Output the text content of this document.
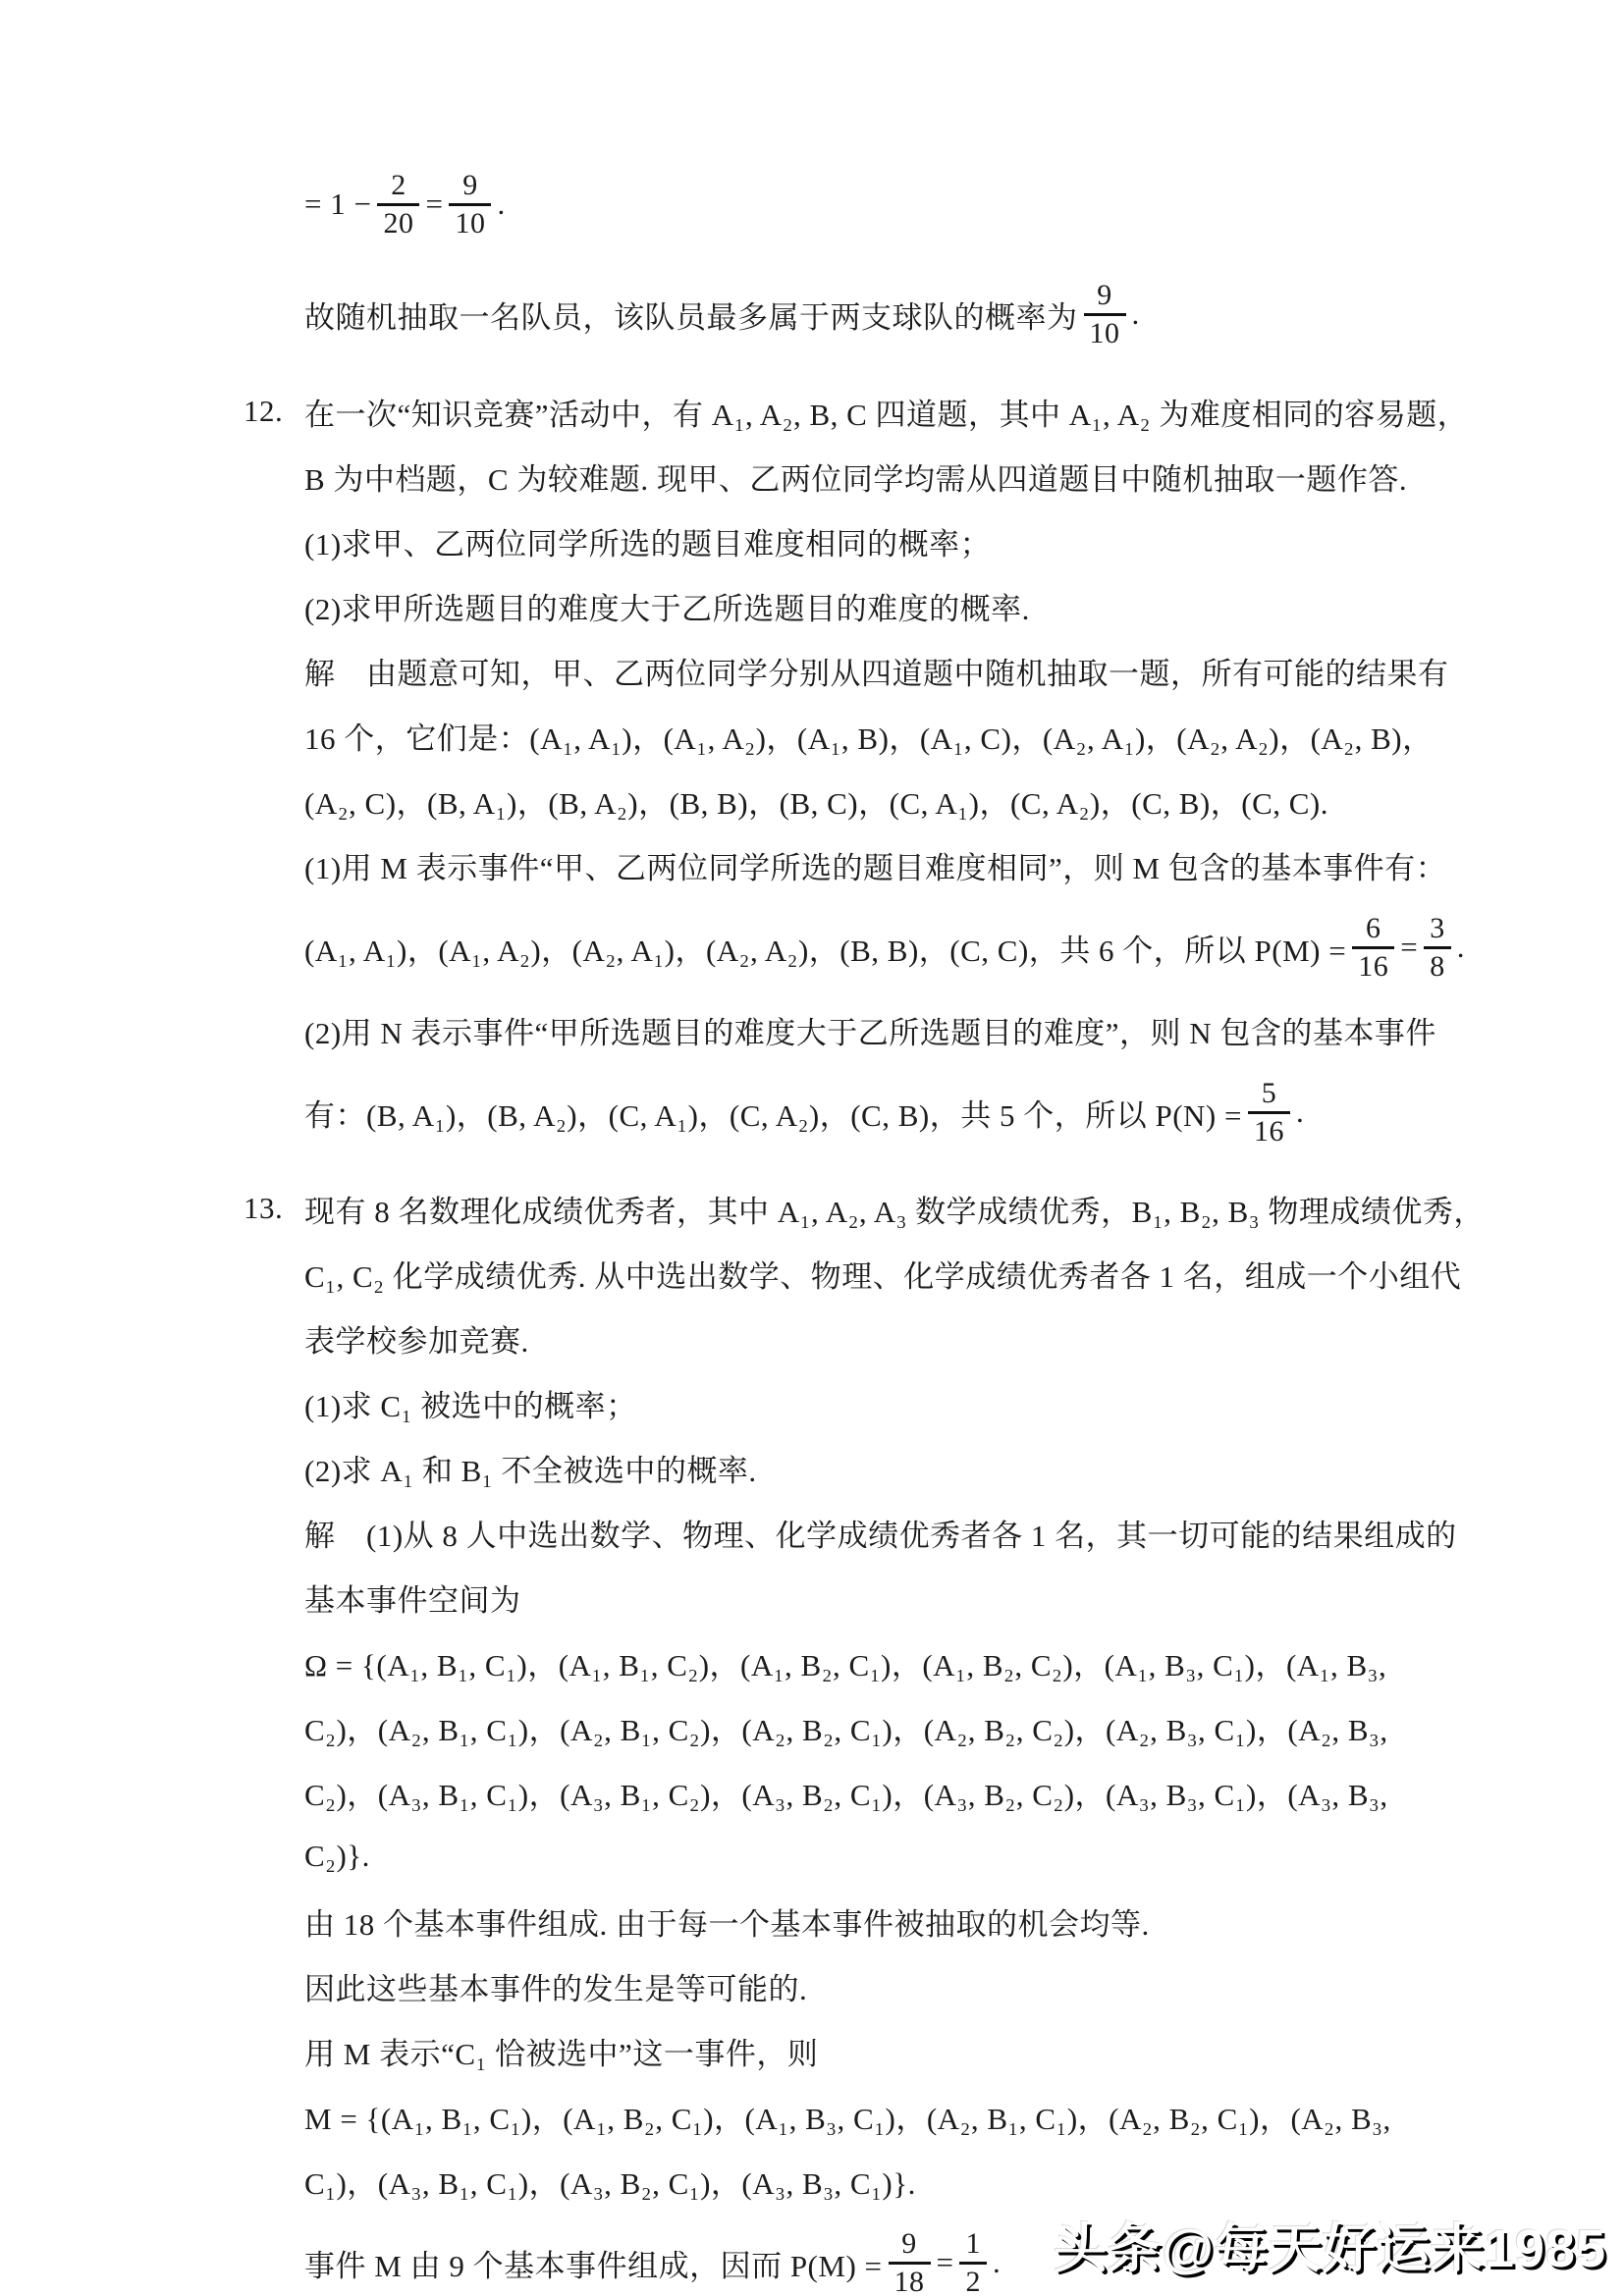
= $1 - \frac{2}{20} = \frac{9}{10}$ .
故随机抽取一名队员，该队员最多属于两支球队的概率为 $\frac{9}{10}$ .
12. 在一次“知识竞赛”活动中，有 A₁, A₂, B, C 四道题，其中 A₁, A₂ 为难度相同的容易题，
B 为中档题，C 为较难题. 现甲、乙两位同学均需从四道题目中随机抽取一题作答.
(1)求甲、乙两位同学所选的题目难度相同的概率；
(2)求甲所选题目的难度大于乙所选题目的难度的概率.
解　由题意可知，甲、乙两位同学分别从四道题中随机抽取一题，所有可能的结果有
16 个，它们是：(A₁, A₁)，(A₁, A₂)，(A₁, B)，(A₁, C)，(A₂, A₁)，(A₂, A₂)，(A₂, B)，
(A₂, C)，(B, A₁)，(B, A₂)，(B, B)，(B, C)，(C, A₁)，(C, A₂)，(C, B)，(C, C).
(1)用 M 表示事件“甲、乙两位同学所选的题目难度相同”，则 M 包含的基本事件有：
(A₁, A₁)，(A₁, A₂)，(A₂, A₁)，(A₂, A₂)，(B, B)，(C, C)，共 6 个，所以 $P(M) = \frac{6}{16} = \frac{3}{8}$ .
(2)用 N 表示事件“甲所选题目的难度大于乙所选题目的难度”，则 N 包含的基本事件
有：(B, A₁)，(B, A₂)，(C, A₁)，(C, A₂)，(C, B)，共 5 个，所以 $P(N) = \frac{5}{16}$ .
13. 现有 8 名数理化成绩优秀者，其中 A₁, A₂, A₃ 数学成绩优秀，B₁, B₂, B₃ 物理成绩优秀，
C₁, C₂ 化学成绩优秀. 从中选出数学、物理、化学成绩优秀者各 1 名，组成一个小组代
表学校参加竞赛.
(1)求 C₁ 被选中的概率；
(2)求 A₁ 和 B₁ 不全被选中的概率.
解　(1)从 8 人中选出数学、物理、化学成绩优秀者各 1 名，其一切可能的结果组成的
基本事件空间为
Ω = {(A₁, B₁, C₁)，(A₁, B₁, C₂)，(A₁, B₂, C₁)，(A₁, B₂, C₂)，(A₁, B₃, C₁)，(A₁, B₃,
C₂)，(A₂, B₁, C₁)，(A₂, B₁, C₂)，(A₂, B₂, C₁)，(A₂, B₂, C₂)，(A₂, B₃, C₁)，(A₂, B₃,
C₂)，(A₃, B₁, C₁)，(A₃, B₁, C₂)，(A₃, B₂, C₁)，(A₃, B₂, C₂)，(A₃, B₃, C₁)，(A₃, B₃,
C₂)}.
由 18 个基本事件组成. 由于每一个基本事件被抽取的机会均等.
因此这些基本事件的发生是等可能的.
用 M 表示“C₁ 恰被选中”这一事件，则
M = {(A₁, B₁, C₁)，(A₁, B₂, C₁)，(A₁, B₃, C₁)，(A₂, B₁, C₁)，(A₂, B₂, C₁)，(A₂, B₃,
C₁)，(A₃, B₁, C₁)，(A₃, B₂, C₁)，(A₃, B₃, C₁)}.
事件 M 由 9 个基本事件组成，因而 $P(M) = \frac{9}{18} = \frac{1}{2}$ . 头条@每天好运来1985
